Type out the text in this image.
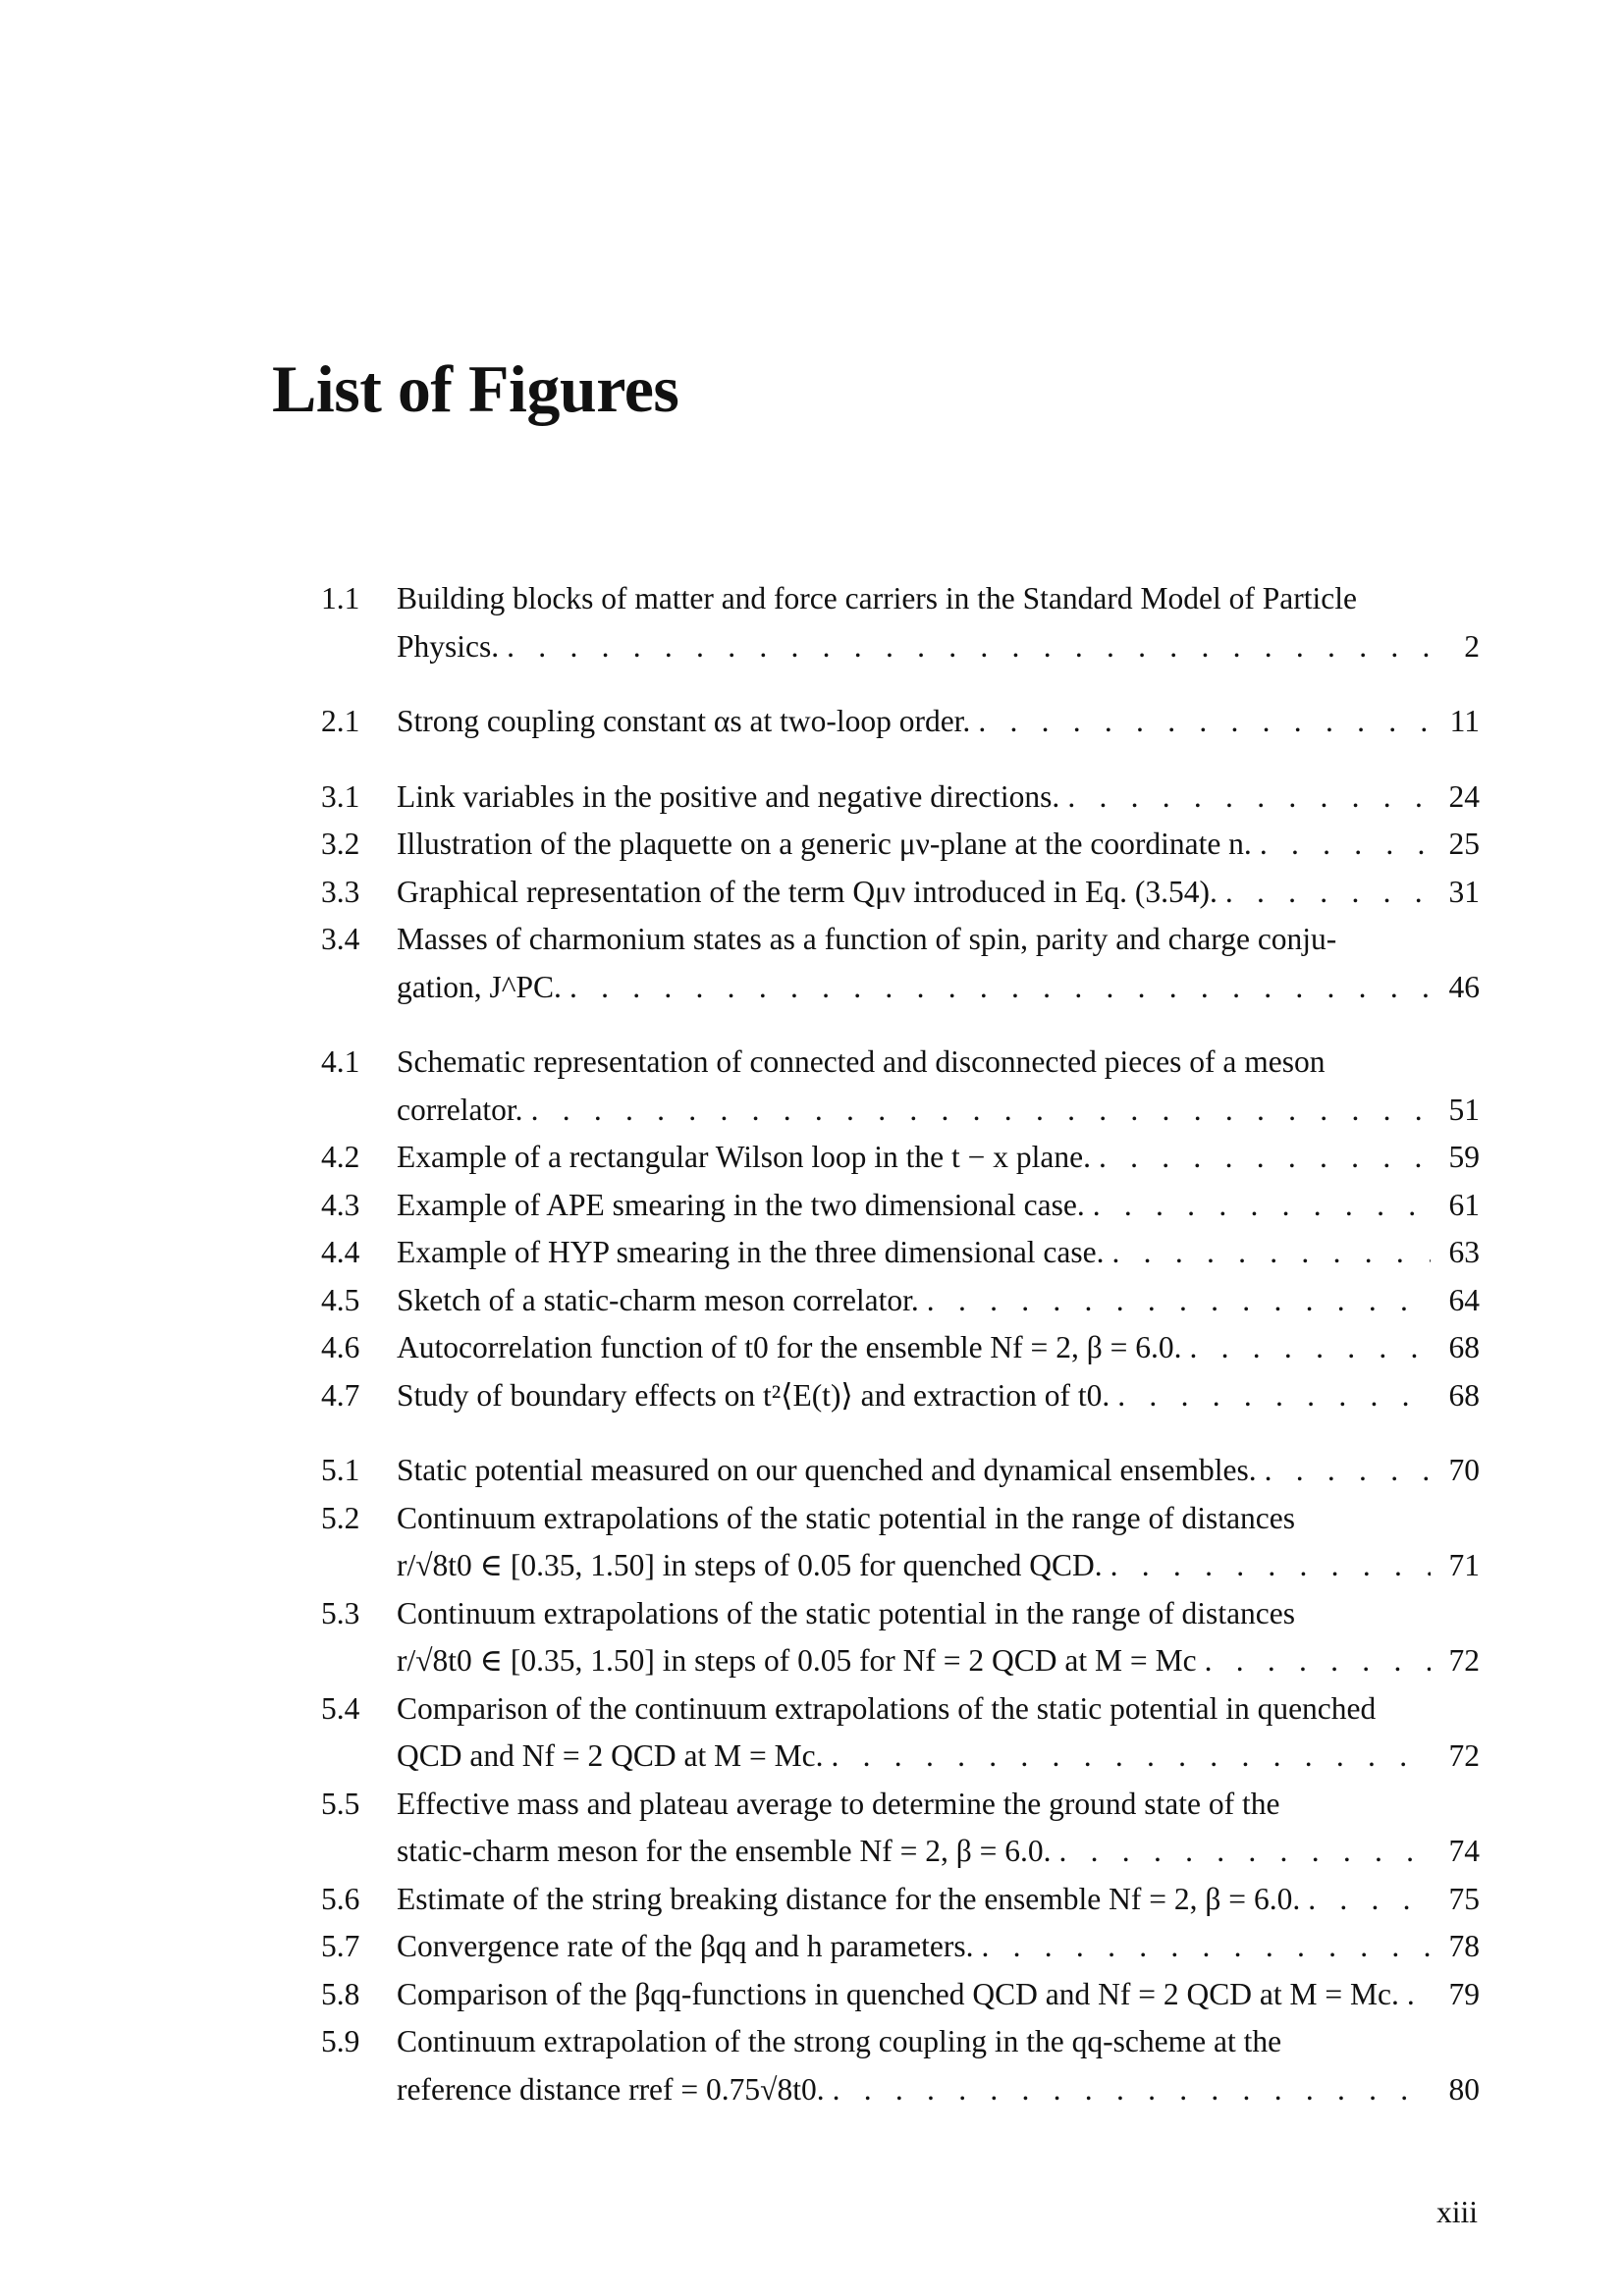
List of Figures
1.1	Building blocks of matter and force carriers in the Standard Model of Particle
Physics. . . .	2
2.1	Strong coupling constant αs at two-loop order. . . .	11
3.1	Link variables in the positive and negative directions. . . .	24
3.2	Illustration of the plaquette on a generic μν-plane at the coordinate n. . . .	25
3.3	Graphical representation of the term Qμν introduced in Eq. (3.54). . . .	31
3.4	Masses of charmonium states as a function of spin, parity and charge conju-
gation, J^PC. . . .	46
4.1	Schematic representation of connected and disconnected pieces of a meson
correlator. . . .	51
4.2	Example of a rectangular Wilson loop in the t − x plane. . . .	59
4.3	Example of APE smearing in the two dimensional case. . . .	61
4.4	Example of HYP smearing in the three dimensional case. . . .	63
4.5	Sketch of a static-charm meson correlator. . . .	64
4.6	Autocorrelation function of t0 for the ensemble Nf = 2, β = 6.0. . . .	68
4.7	Study of boundary effects on t²⟨E(t)⟩ and extraction of t0. . . .	68
5.1	Static potential measured on our quenched and dynamical ensembles. . . .	70
5.2	Continuum extrapolations of the static potential in the range of distances
r/√8t0 ∈ [0.35, 1.50] in steps of 0.05 for quenched QCD. . . .	71
5.3	Continuum extrapolations of the static potential in the range of distances
r/√8t0 ∈ [0.35, 1.50] in steps of 0.05 for Nf = 2 QCD at M = Mc . . .	72
5.4	Comparison of the continuum extrapolations of the static potential in quenched
QCD and Nf = 2 QCD at M = Mc. . . .	72
5.5	Effective mass and plateau average to determine the ground state of the
static-charm meson for the ensemble Nf = 2, β = 6.0. . . .	74
5.6	Estimate of the string breaking distance for the ensemble Nf = 2, β = 6.0. . . .	75
5.7	Convergence rate of the βqq and h parameters. . . .	78
5.8	Comparison of the βqq-functions in quenched QCD and Nf = 2 QCD at M = Mc. . . . 79
5.9	Continuum extrapolation of the strong coupling in the qq-scheme at the
reference distance rref = 0.75√8t0. . . .	80
xiii
